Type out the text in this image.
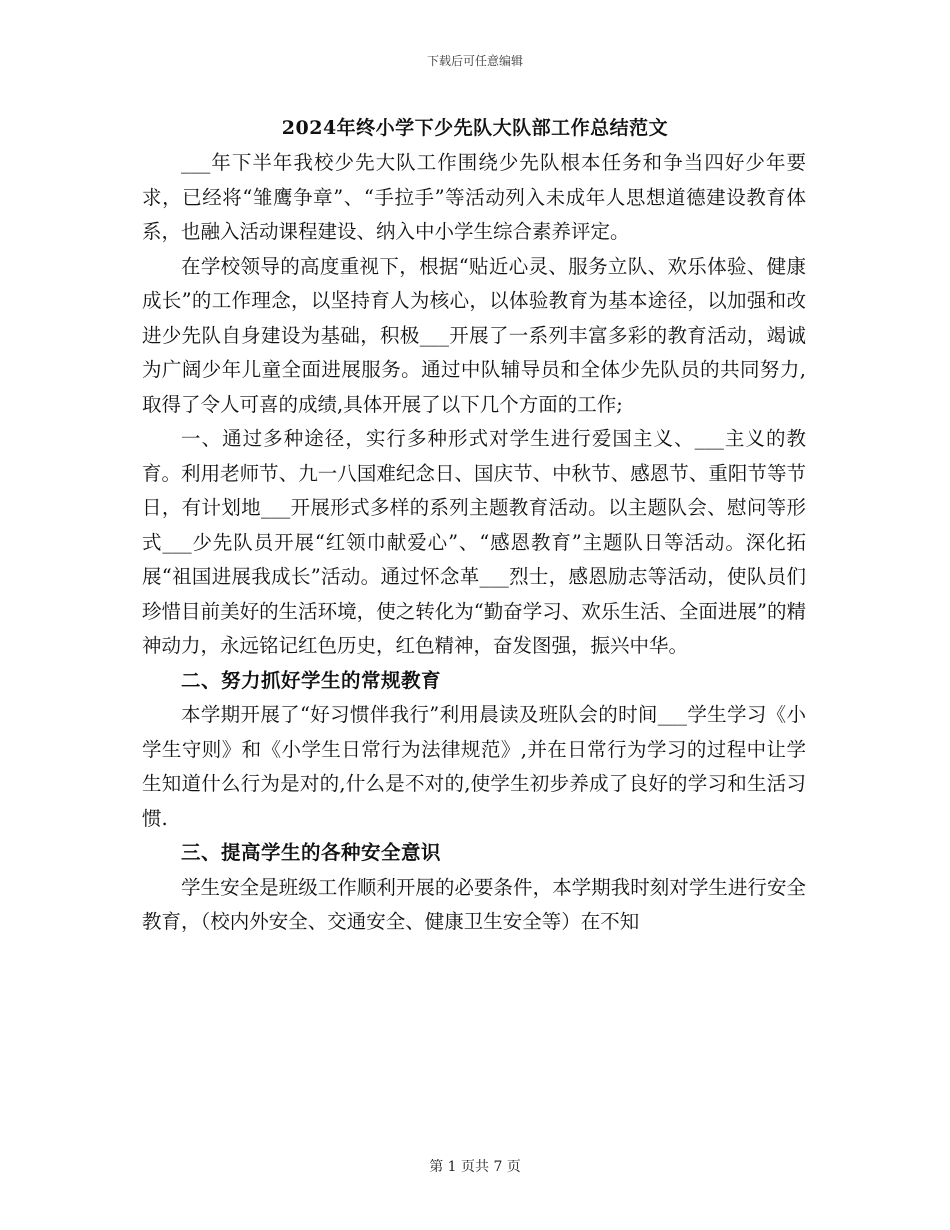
下载后可任意编辑
2024年终小学下少先队大队部工作总结范文

___年下半年我校少先大队工作围绕少先队根本任务和争当四好少年要求，已经将“雏鹰争章”、“手拉手”等活动列入未成年人思想道德建设教育体系，也融入活动课程建设、纳入中小学生综合素养评定。

在学校领导的高度重视下，根据“贴近心灵、服务立队、欢乐体验、健康成长”的工作理念，以坚持育人为核心，以体验教育为基本途径，以加强和改进少先队自身建设为基础，积极___开展了一系列丰富多彩的教育活动，竭诚为广阔少年儿童全面进展服务。通过中队辅导员和全体少先队员的共同努力,取得了令人可喜的成绩,具体开展了以下几个方面的工作;

一、通过多种途径，实行多种形式对学生进行爱国主义、___主义的教育。利用老师节、九一八国难纪念日、国庆节、中秋节、感恩节、重阳节等节日，有计划地___开展形式多样的系列主题教育活动。以主题队会、慰问等形式___少先队员开展“红领巾献爱心”、“感恩教育”主题队日等活动。深化拓展“祖国进展我成长”活动。通过怀念革___烈士，感恩励志等活动，使队员们珍惜目前美好的生活环境，使之转化为“勤奋学习、欢乐生活、全面进展”的精神动力，永远铭记红色历史，红色精神，奋发图强，振兴中华。

二、努力抓好学生的常规教育

本学期开展了“好习惯伴我行”利用晨读及班队会的时间___学生学习《小学生守则》和《小学生日常行为法律规范》,并在日常行为学习的过程中让学生知道什么行为是对的,什么是不对的,使学生初步养成了良好的学习和生活习惯.

三、提高学生的各种安全意识

学生安全是班级工作顺利开展的必要条件，本学期我时刻对学生进行安全教育，（校内外安全、交通安全、健康卫生安全等）在不知

第 1 页共 7 页
